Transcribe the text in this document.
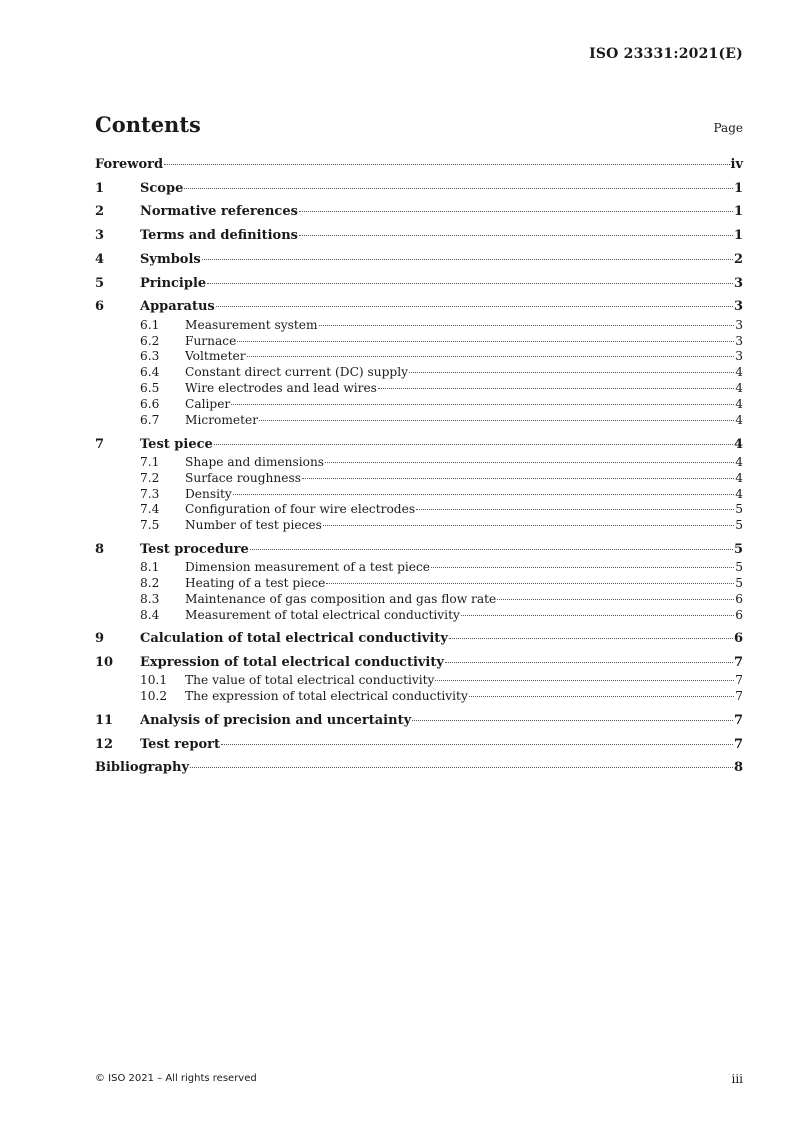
ISO 23331:2021(E)
Contents	Page
Foreword	iv
1	Scope	1
2	Normative references	1
3	Terms and definitions	1
4	Symbols	2
5	Principle	3
6	Apparatus	3
6.1	Measurement system	3
6.2	Furnace	3
6.3	Voltmeter	3
6.4	Constant direct current (DC) supply	4
6.5	Wire electrodes and lead wires	4
6.6	Caliper	4
6.7	Micrometer	4
7	Test piece	4
7.1	Shape and dimensions	4
7.2	Surface roughness	4
7.3	Density	4
7.4	Configuration of four wire electrodes	5
7.5	Number of test pieces	5
8	Test procedure	5
8.1	Dimension measurement of a test piece	5
8.2	Heating of a test piece	5
8.3	Maintenance of gas composition and gas flow rate	6
8.4	Measurement of total electrical conductivity	6
9	Calculation of total electrical conductivity	6
10	Expression of total electrical conductivity	7
10.1	The value of total electrical conductivity	7
10.2	The expression of total electrical conductivity	7
11	Analysis of precision and uncertainty	7
12	Test report	7
Bibliography	8
© ISO 2021 – All rights reserved	iii
